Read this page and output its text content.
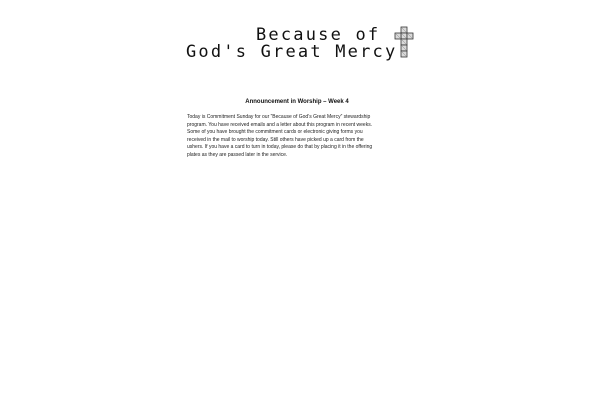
Because of
God's Great Mercy
Announcement in Worship – Week 4
Today is Commitment Sunday for our “Because of God’s Great Mercy” stewardship
program. You have received emails and a letter about this program in recent weeks.
Some of you have brought the commitment cards or electronic giving forms you
received in the mail to worship today. Still others have picked up a card from the
ushers. If you have a card to turn in today, please do that by placing it in the offering
plates as they are passed later in the service.
